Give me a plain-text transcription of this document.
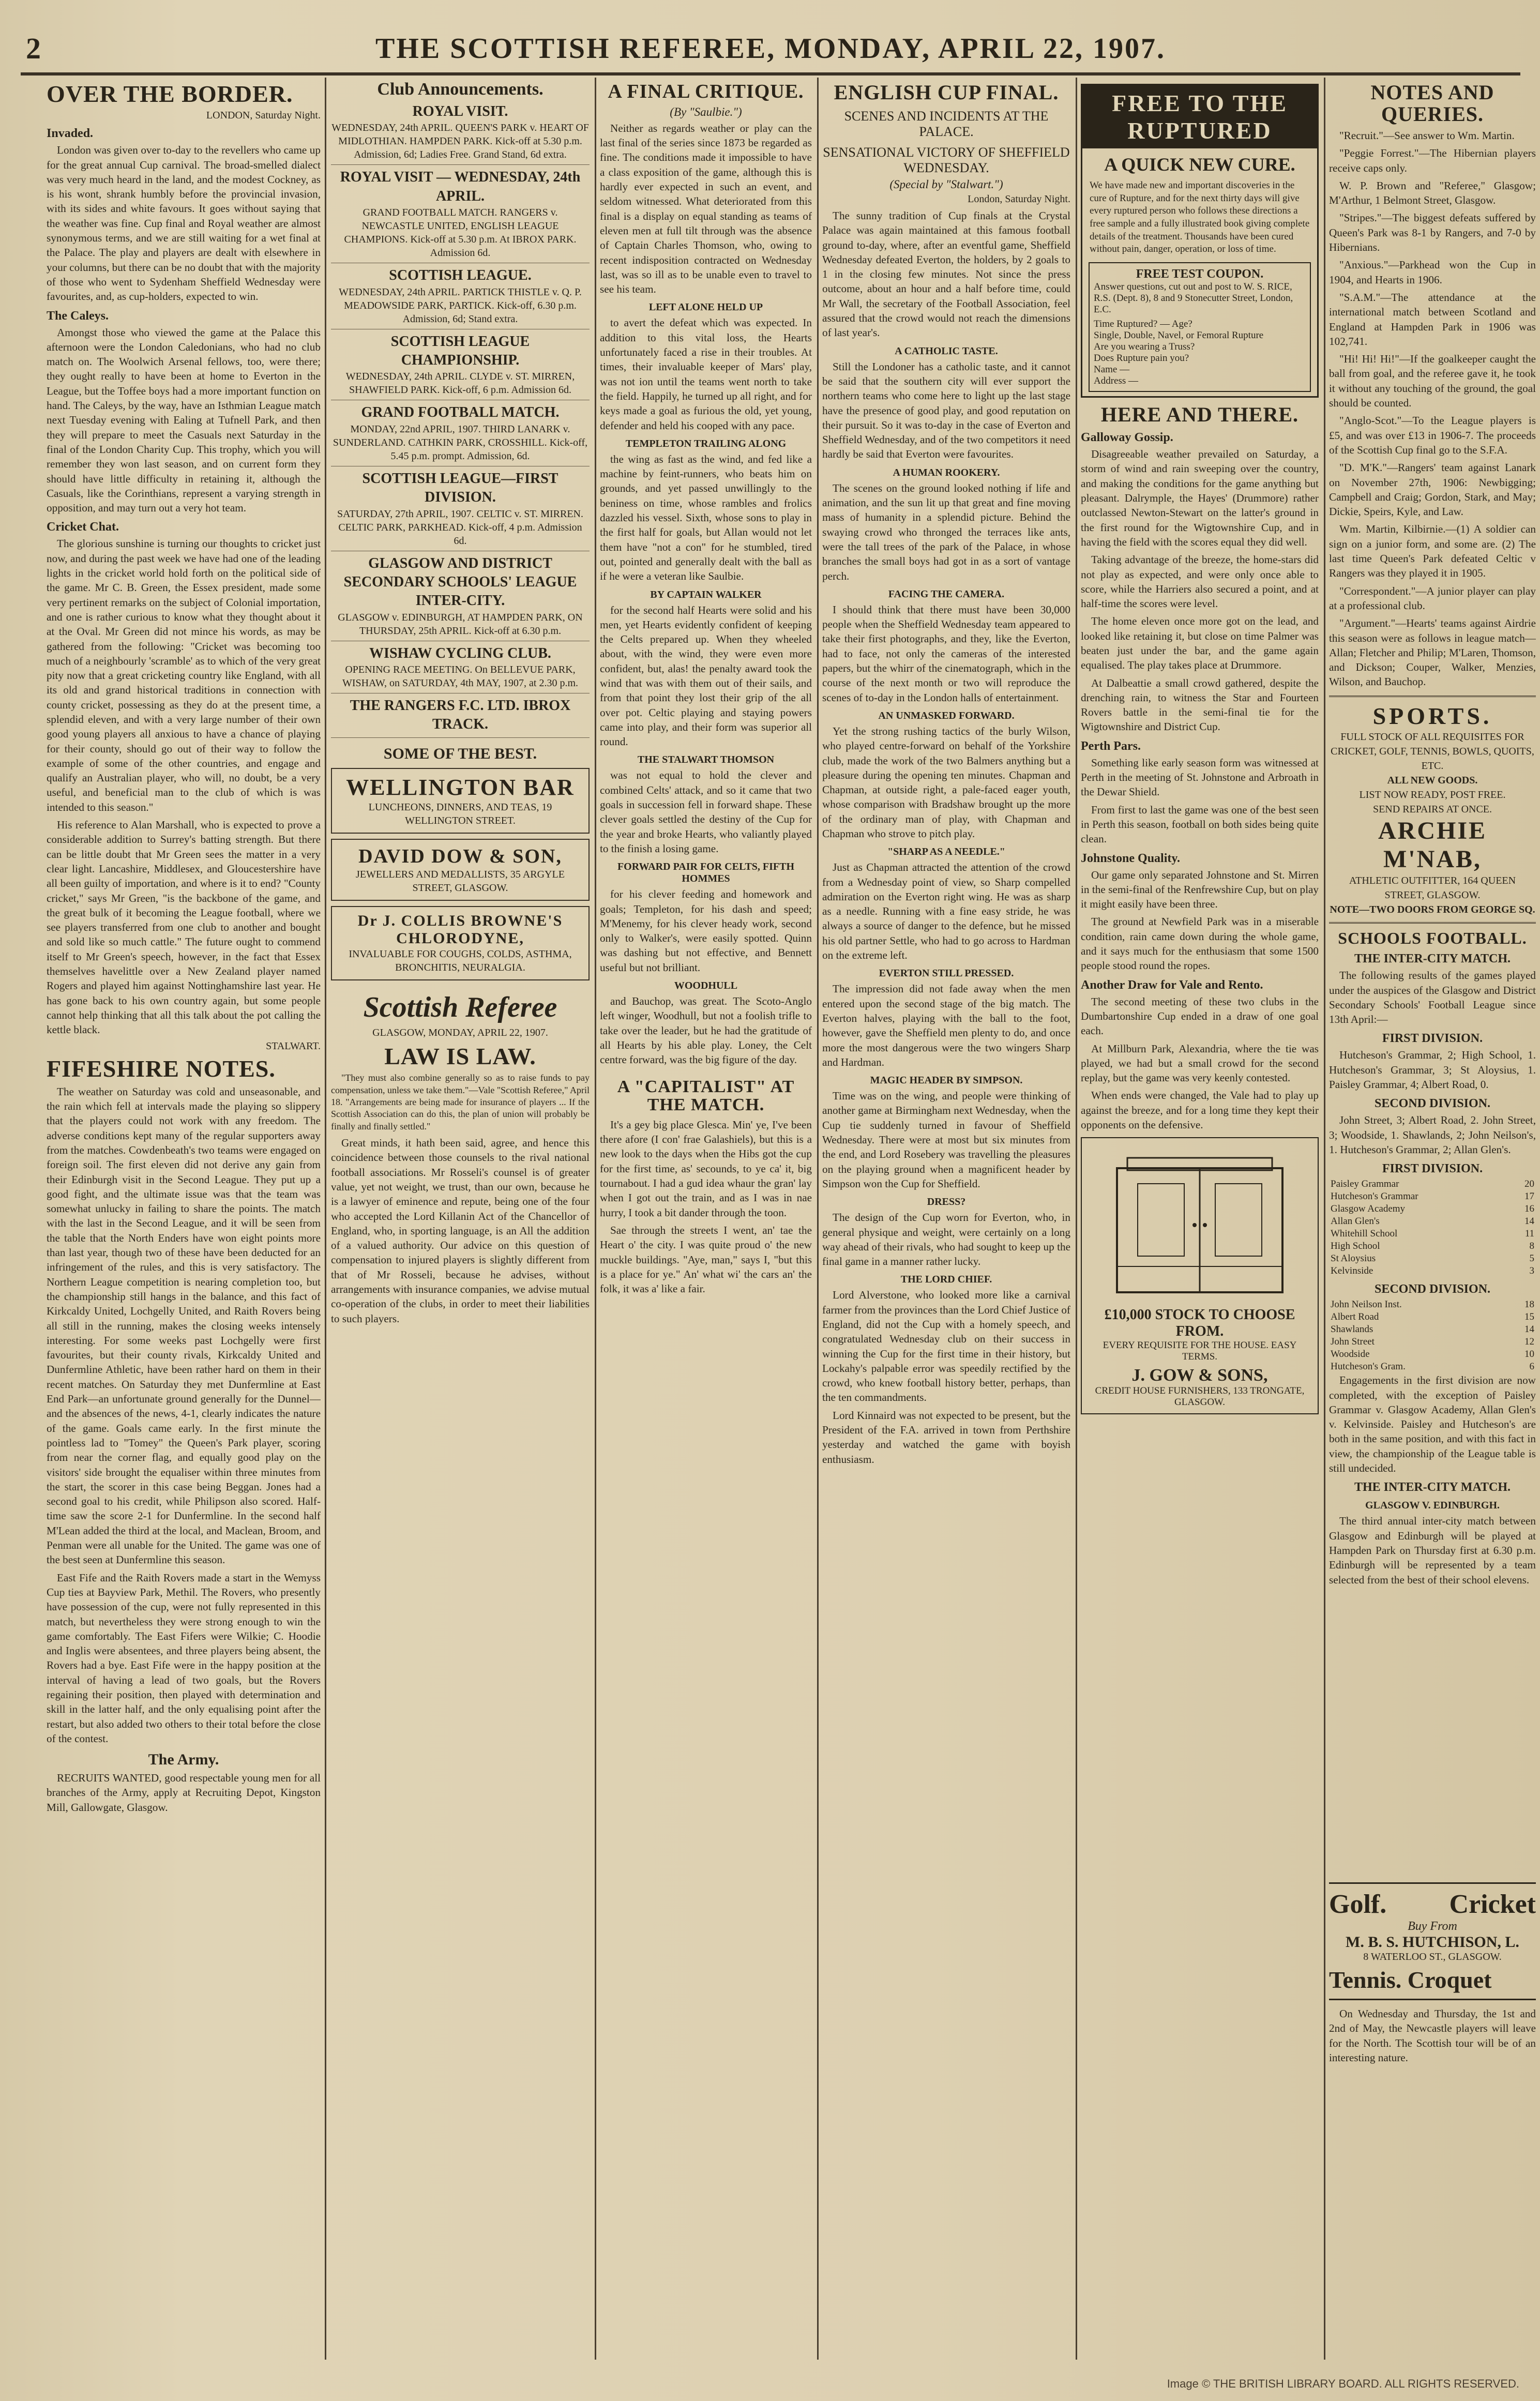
2	THE SCOTTISH REFEREE, MONDAY, APRIL 22, 1907.
OVER THE BORDER.
LONDON, Saturday Night.
Invaded.

London was given over to-day to the revellers who came up for the great annual Cup carnival. The broad-smelled dialect was very much heard in the land, and the modest Cockney, as is his wont, shrank humbly before the provincial invasion, with its sides and white favours. It goes without saying that the weather was fine. Cup final and Royal weather are almost synonymous terms, and we are still waiting for a wet final at the Palace. The play and players are dealt with elsewhere in your columns, but there can be no doubt that with the majority of those who went to Sydenham Sheffield Wednesday were favourites, and, as cup-holders, expected to win.

The Caleys.

Amongst those who viewed the game at the Palace this afternoon were the London Caledonians, who had no club match on. The Woolwich Arsenal fellows, too, were there; they ought really to have been at home to Everton in the League, but the Toffee boys had a more important function on hand. The Caleys, by the way, have an Isthmian League match next Tuesday evening with Ealing at Tufnell Park, and then they will prepare to meet the Casuals next Saturday in the final of the London Charity Cup. This trophy, which you will remember they won last season, and on current form they should have little difficulty in retaining it, although the Casuals, like the Corinthians, represent a varying strength in opposition, and may turn out a very hot team.

Cricket Chat.

The glorious sunshine is turning our thoughts to cricket just now, and during the past week we have had one of the leading lights in the cricket world hold forth on the political side of the game. Mr C. B. Green, the Essex president, made some very pertinent remarks on the subject of Colonial importation, and one is rather curious to know what they thought about it at the Oval. Mr Green did not mince his words, as may be gathered from the following: "Cricket was becoming too much of a neighbourly 'scramble' as to which of the very great pity now that a great cricketing country like England, with all its old and grand historical traditions in connection with county cricket, possessing as they do at the present time, a splendid eleven, and with a very large number of their own good young players all anxious to have a chance of playing for their county, should go out of their way to follow the example of some of the other countries, and engage and qualify an Australian player, who will, no doubt, be a very useful, and beneficial man to the club of which is was intended to this season."

His reference to Alan Marshall, who is expected to prove a considerable addition to Surrey's batting strength. But there can be little doubt that Mr Green sees the matter in a very clear light. Lancashire, Middlesex, and Gloucestershire have all been guilty of importation, and where is it to end? "County cricket," says Mr Green, "is the backbone of the game, and the great bulk of it becoming the League football, where we see players transferred from one club to another and bought and sold like so much cattle." The future ought to commend itself to Mr Green's speech, however, in the fact that Essex themselves havelittle over a New Zealand player named Rogers and played him against Nottinghamshire last year. He has gone back to his own country again, but some people cannot help thinking that all this talk about the pot calling the kettle black.

STALWART.
FIFESHIRE NOTES.

The weather on Saturday was cold and unseasonable, and the rain which fell at intervals made the playing so slippery that the players could not work with any freedom. The adverse conditions kept many of the regular supporters away from the matches. Cowdenbeath's two teams were engaged on foreign soil. The first eleven did not derive any gain from their Edinburgh visit in the Second League. They put up a good fight, and the ultimate issue was that the team was somewhat unlucky in failing to share the points. The match with the last in the Second League, and it will be seen from the table that the North Enders have won eight points more than last year, though two of these have been deducted for an infringement of the rules, and this is very satisfactory. The Northern League competition is nearing completion too, but the championship still hangs in the balance, and this fact of Kirkcaldy United, Lochgelly United, and Raith Rovers being all still in the running, makes the closing weeks intensely interesting. For some weeks past Lochgelly were first favourites, but their county rivals, Kirkcaldy United and Dunfermline Athletic, have been rather hard on them in their recent matches. On Saturday they met Dunfermline at East End Park—an unfortunate ground generally for the Dunnel—and the absences of the news, 4-1, clearly indicates the nature of the game. Goals came early. In the first minute the pointless lad to "Tomey" the Queen's Park player, scoring from near the corner flag, and equally good play on the visitors' side brought the equaliser within three minutes from the start, the scorer in this case being Beggan. Jones had a second goal to his credit, while Philipson also scored. Half-time saw the score 2-1 for Dunfermline. In the second half M'Lean added the third at the local, and Maclean, Broom, and Penman were all unable for the United. The game was one of the best seen at Dunfermline this season.

East Fife and the Raith Rovers made a start in the Wemyss Cup ties at Bayview Park, Methil. The Rovers, who presently have possession of the cup, were not fully represented in this match, but nevertheless they were strong enough to win the game comfortably. The East Fifers were Wilkie; C. Hoodie and Inglis were absentees, and three players being absent, the Rovers had a bye. East Fife were in the happy position at the interval of having a lead of two goals, but the Rovers regaining their position, then played with determination and skill in the latter half, and the only equalising point after the restart, but also added two others to their total before the close of the contest.

The Army.

RECRUITS WANTED, good respectable young men for all branches of the Army, apply at Recruiting Depot, Kingston Mill, Gallowgate, Glasgow.

Club Announcements.
ROYAL VISIT.
WEDNESDAY, 24th APRIL. QUEEN'S PARK v. HEART OF MIDLOTHIAN. HAMPDEN PARK. Kick-off at 5.30 p.m. Admission, 6d; Ladies Free. Grand Stand, 6d extra.
ROYAL VISIT — WEDNESDAY, 24th APRIL.
GRAND FOOTBALL MATCH. RANGERS v. NEWCASTLE UNITED, ENGLISH LEAGUE CHAMPIONS. Kick-off at 5.30 p.m. At IBROX PARK. Admission 6d.
SCOTTISH LEAGUE.
WEDNESDAY, 24th APRIL. PARTICK THISTLE v. Q. P. MEADOWSIDE PARK, PARTICK. Kick-off, 6.30 p.m. Admission, 6d; Stand extra.
SCOTTISH LEAGUE CHAMPIONSHIP.
WEDNESDAY, 24th APRIL. CLYDE v. ST. MIRREN, SHAWFIELD PARK. Kick-off, 6 p.m. Admission 6d.
GRAND FOOTBALL MATCH.
MONDAY, 22nd APRIL, 1907. THIRD LANARK v. SUNDERLAND. CATHKIN PARK, CROSSHILL. Kick-off, 5.45 p.m. prompt. Admission, 6d.
SCOTTISH LEAGUE—FIRST DIVISION.
SATURDAY, 27th APRIL, 1907. CELTIC v. ST. MIRREN. CELTIC PARK, PARKHEAD. Kick-off, 4 p.m. Admission 6d.
GLASGOW AND DISTRICT SECONDARY SCHOOLS' LEAGUE INTER-CITY.
GLASGOW v. EDINBURGH, AT HAMPDEN PARK, ON THURSDAY, 25th APRIL. Kick-off at 6.30 p.m.
WISHAW CYCLING CLUB.
OPENING RACE MEETING. On BELLEVUE PARK, WISHAW, on SATURDAY, 4th MAY, 1907, at 2.30 p.m.
THE RANGERS F.C. LTD. IBROX TRACK.
SOME OF THE BEST.
WELLINGTON BAR
LUNCHEONS, DINNERS, AND TEAS, 19 WELLINGTON STREET.
DAVID DOW & SON,
JEWELLERS AND MEDALLISTS, 35 ARGYLE STREET, GLASGOW.
Dr J. COLLIS BROWNE'S CHLORODYNE,
INVALUABLE FOR COUGHS, COLDS, ASTHMA, BRONCHITIS, NEURALGIA.
Scottish Referee
GLASGOW, MONDAY, APRIL 22, 1907.
LAW IS LAW.

"They must also combine generally so as to raise funds to pay compensation, unless we take them."—Vale "Scottish Referee," April 18. "Arrangements are being made for insurance of players ... If the Scottish Association can do this, the plan of union will probably be finally and finally settled."

Great minds, it hath been said, agree, and hence this coincidence between those counsels to the rival national football associations. Mr Rosseli's counsel is of greater value, yet not weight, we trust, than our own, because he is a lawyer of eminence and repute, being one of the four who accepted the Lord Killanin Act of the Chancellor of England, who, in sporting language, is an All the addition of a valued authority. Our advice on this question of compensation to injured players is slightly different from that of Mr Rosseli, because he advises, without arrangements with insurance companies, we advise mutual co-operation of the clubs, in order to meet their liabilities to such players.

A FINAL CRITIQUE.
(By "Saulbie.")

Neither as regards weather or play can the last final of the series since 1873 be regarded as fine. The conditions made it impossible to have a class exposition of the game, although this is hardly ever expected in such an event, and seldom witnessed. What deteriorated from this final is a display on equal standing as teams of eleven men at full tilt through was the absence of Captain Charles Thomson, who, owing to recent indisposition contracted on Wednesday last, was so ill as to be unable even to travel to see his team.

LEFT ALONE HELD UP

to avert the defeat which was expected. In addition to this vital loss, the Hearts unfortunately faced a rise in their troubles. At times, their invaluable keeper of Mars' play, was not ion until the teams went north to take the field. Happily, he turned up all right, and for keys made a goal as furious the old, yet young, defender and held his cooped with any pace.

TEMPLETON TRAILING ALONG

the wing as fast as the wind, and fed like a machine by feint-runners, who beats him on grounds, and yet passed unwillingly to the beniness on time, whose rambles and frolics dazzled his vessel. Sixth, whose sons to play in the first half for goals, but Allan would not let them have "not a con" for he stumbled, tired out, pointed and generally dealt with the ball as if he were a veteran like Saulbie.

BY CAPTAIN WALKER

for the second half Hearts were solid and his men, yet Hearts evidently confident of keeping the Celts prepared up. When they wheeled about, with the wind, they were even more confident, but, alas! the penalty award took the wind that was with them out of their sails, and from that point they lost their grip of the all over pot. Celtic playing and staying powers came into play, and their form was superior all round.

THE STALWART THOMSON

was not equal to hold the clever and combined Celts' attack, and so it came that two goals in succession fell in forward shape. These clever goals settled the destiny of the Cup for the year and broke Hearts, who valiantly played to the finish a losing game.

FORWARD PAIR FOR CELTS, FIFTH HOMMES

for his clever feeding and homework and goals; Templeton, for his dash and speed; M'Menemy, for his clever heady work, second only to Walker's, were easily spotted. Quinn was dashing but not effective, and Bennett useful but not brilliant.

WOODHULL

and Bauchop, was great. The Scoto-Anglo left winger, Woodhull, but not a foolish trifle to take over the leader, but he had the gratitude of all Hearts by his able play. Loney, the Celt centre forward, was the big figure of the day.

A "CAPITALIST" AT THE MATCH.

It's a gey big place Glesca. Min' ye, I've been there afore (I con' frae Galashiels), but this is a new look to the days when the Hibs got the cup for the first time, as' secounds, to ye ca' it, big tournabout. I had a gud idea whaur the gran' lay when I got out the train, and as I was in nae hurry, I took a bit dander through the toon.

Sae through the streets I went, an' tae the Heart o' the city. I was quite proud o' the new muckle buildings. "Aye, man," says I, "but this is a place for ye." An' what wi' the cars an' the folk, it was a' like a fair.

ENGLISH CUP FINAL.
SCENES AND INCIDENTS AT THE PALACE.
SENSATIONAL VICTORY OF SHEFFIELD WEDNESDAY.
(Special by "Stalwart.")
London, Saturday Night.

The sunny tradition of Cup finals at the Crystal Palace was again maintained at this famous football ground to-day, where, after an eventful game, Sheffield Wednesday defeated Everton, the holders, by 2 goals to 1 in the closing few minutes. Not since the press outcome, about an hour and a half before time, could Mr Wall, the secretary of the Football Association, feel assured that the crowd would not reach the dimensions of last year's.

A CATHOLIC TASTE.

Still the Londoner has a catholic taste, and it cannot be said that the southern city will ever support the northern teams who come here to light up the last stage have the presence of good play, and good reputation on their pursuit. So it was to-day in the case of Everton and Sheffield Wednesday, and of the two competitors it need hardly be said that Everton were favourites.

A HUMAN ROOKERY.

The scenes on the ground looked nothing if life and animation, and the sun lit up that great and fine moving mass of humanity in a splendid picture. Behind the swaying crowd who thronged the terraces like ants, were the tall trees of the park of the Palace, in whose branches the small boys had got in as a sort of vantage perch.

FACING THE CAMERA.

I should think that there must have been 30,000 people when the Sheffield Wednesday team appeared to take their first photographs, and they, like the Everton, had to face, not only the cameras of the interested papers, but the whirr of the cinematograph, which in the course of the next month or two will reproduce the scenes of to-day in the London halls of entertainment.

AN UNMASKED FORWARD.

Yet the strong rushing tactics of the burly Wilson, who played centre-forward on behalf of the Yorkshire club, made the work of the two Balmers anything but a pleasure during the opening ten minutes. Chapman and Chapman, at outside right, a pale-faced eager youth, whose comparison with Bradshaw brought up the more of the ordinary man of play, with Chapman and Chapman who strove to pitch play.

"SHARP AS A NEEDLE."

Just as Chapman attracted the attention of the crowd from a Wednesday point of view, so Sharp compelled admiration on the Everton right wing. He was as sharp as a needle. Running with a fine easy stride, he was always a source of danger to the defence, but he missed his old partner Settle, who had to go across to Hardman on the extreme left.

EVERTON STILL PRESSED.

The impression did not fade away when the men entered upon the second stage of the big match. The Everton halves, playing with the ball to the foot, however, gave the Sheffield men plenty to do, and once more the most dangerous were the two wingers Sharp and Hardman.

MAGIC HEADER BY SIMPSON.

Time was on the wing, and people were thinking of another game at Birmingham next Wednesday, when the Cup tie suddenly turned in favour of Sheffield Wednesday. There were at most but six minutes from the end, and Lord Rosebery was travelling the pleasures on the playing ground when a magnificent header by Simpson won the Cup for Sheffield.

DRESS?

The design of the Cup worn for Everton, who, in general physique and weight, were certainly on a long way ahead of their rivals, who had sought to keep up the final game in a manner rather lucky.

THE LORD CHIEF.

Lord Alverstone, who looked more like a carnival farmer from the provinces than the Lord Chief Justice of England, did not the Cup with a homely speech, and congratulated Wednesday club on their success in winning the Cup for the first time in their history, but Lockahy's palpable error was speedily rectified by the crowd, who knew football history better, perhaps, than the ten commandments.

Lord Kinnaird was not expected to be present, but the President of the F.A. arrived in town from Perthshire yesterday and watched the game with boyish enthusiasm.

FREE TO THE RUPTURED
A QUICK NEW CURE.
We have made new and important discoveries in the cure of Rupture, and for the next thirty days will give every ruptured person who follows these directions a free sample and a fully illustrated book giving complete details of the treatment. Thousands have been cured without pain, danger, operation, or loss of time.
FREE TEST COUPON.
Answer questions, cut out and post to W. S. RICE, R.S. (Dept. 8), 8 and 9 Stonecutter Street, London, E.C.
Time Ruptured? — Age?
Single, Double, Navel, or Femoral Rupture
Are you wearing a Truss?
Does Rupture pain you?
Name —
Address —
HERE AND THERE.
Galloway Gossip.

Disagreeable weather prevailed on Saturday, a storm of wind and rain sweeping over the country, and making the conditions for the game anything but pleasant. Dalrymple, the Hayes' (Drummore) rather outclassed Newton-Stewart on the latter's ground in the first round for the Wigtownshire Cup, and in having the field with the scores equal they did well.

Taking advantage of the breeze, the home-stars did not play as expected, and were only once able to score, while the Harriers also secured a point, and at half-time the scores were level.

The home eleven once more got on the lead, and looked like retaining it, but close on time Palmer was beaten just under the bar, and the game again equalised. The play takes place at Drummore.

At Dalbeattie a small crowd gathered, despite the drenching rain, to witness the Star and Fourteen Rovers battle in the semi-final tie for the Wigtownshire and District Cup.

Perth Pars.

Something like early season form was witnessed at Perth in the meeting of St. Johnstone and Arbroath in the Dewar Shield.

From first to last the game was one of the best seen in Perth this season, football on both sides being quite clean.

Johnstone Quality.

Our game only separated Johnstone and St. Mirren in the semi-final of the Renfrewshire Cup, but on play it might easily have been three.

The ground at Newfield Park was in a miserable condition, rain came down during the whole game, and it says much for the enthusiasm that some 1500 people stood round the ropes.

Another Draw for Vale and Rento.

The second meeting of these two clubs in the Dumbartonshire Cup ended in a draw of one goal each.

At Millburn Park, Alexandria, where the tie was played, we had but a small crowd for the second replay, but the game was very keenly contested.

When ends were changed, the Vale had to play up against the breeze, and for a long time they kept their opponents on the defensive.

£10,000 STOCK TO CHOOSE FROM.
EVERY REQUISITE FOR THE HOUSE. EASY TERMS.
J. GOW & SONS,
CREDIT HOUSE FURNISHERS, 133 TRONGATE, GLASGOW.
NOTES AND QUERIES.

"Recruit."—See answer to Wm. Martin.

"Peggie Forrest."—The Hibernian players receive caps only.

W. P. Brown and "Referee," Glasgow; M'Arthur, 1 Belmont Street, Glasgow.

"Stripes."—The biggest defeats suffered by Queen's Park was 8-1 by Rangers, and 7-0 by Hibernians.

"Anxious."—Parkhead won the Cup in 1904, and Hearts in 1906.

"S.A.M."—The attendance at the international match between Scotland and England at Hampden Park in 1906 was 102,741.

"Hi! Hi! Hi!"—If the goalkeeper caught the ball from goal, and the referee gave it, he took it without any touching of the ground, the goal should be counted.

"Anglo-Scot."—To the League players is £5, and was over £13 in 1906-7. The proceeds of the Scottish Cup final go to the S.F.A.

"D. M'K."—Rangers' team against Lanark on November 27th, 1906: Newbigging; Campbell and Craig; Gordon, Stark, and May; Dickie, Speirs, Kyle, and Law.

Wm. Martin, Kilbirnie.—(1) A soldier can sign on a junior form, and some are. (2) The last time Queen's Park defeated Celtic v Rangers was they played it in 1905.

"Correspondent."—A junior player can play at a professional club.

"Argument."—Hearts' teams against Airdrie this season were as follows in league match—Allan; Fletcher and Philip; M'Laren, Thomson, and Dickson; Couper, Walker, Menzies, Wilson, and Bauchop.

SPORTS.
FULL STOCK OF ALL REQUISITES FOR CRICKET, GOLF, TENNIS, BOWLS, QUOITS, ETC.
ALL NEW GOODS.
LIST NOW READY, POST FREE.
SEND REPAIRS AT ONCE.
ARCHIE M'NAB,
ATHLETIC OUTFITTER, 164 QUEEN STREET, GLASGOW.
NOTE—TWO DOORS FROM GEORGE SQ.
SCHOOLS FOOTBALL.
THE INTER-CITY MATCH.

The following results of the games played under the auspices of the Glasgow and District Secondary Schools' Football League since 13th April:—

FIRST DIVISION.

Hutcheson's Grammar, 2; High School, 1. Hutcheson's Grammar, 3; St Aloysius, 1. Paisley Grammar, 4; Albert Road, 0.

SECOND DIVISION.

John Street, 3; Albert Road, 2. John Street, 3; Woodside, 1. Shawlands, 2; John Neilson's, 1. Hutcheson's Grammar, 2; Allan Glen's.

FIRST DIVISION.
Paisley Grammar	20
Hutcheson's Grammar	17
Glasgow Academy	16
Allan Glen's	14
Whitehill School	11
High School	8
St Aloysius	5
Kelvinside	3
SECOND DIVISION.
John Neilson Inst.	18
Albert Road	15
Shawlands	14
John Street	12
Woodside	10
Hutcheson's Gram.	6

Engagements in the first division are now completed, with the exception of Paisley Grammar v. Glasgow Academy, Allan Glen's v. Kelvinside. Paisley and Hutcheson's are both in the same position, and with this fact in view, the championship of the League table is still undecided.

THE INTER-CITY MATCH.
GLASGOW V. EDINBURGH.

The third annual inter-city match between Glasgow and Edinburgh will be played at Hampden Park on Thursday first at 6.30 p.m. Edinburgh will be represented by a team selected from the best of their school elevens.

Golf. Cricket
Buy From
M. B. S. HUTCHISON, L.
8 WATERLOO ST., GLASGOW.
Tennis. Croquet

On Wednesday and Thursday, the 1st and 2nd of May, the Newcastle players will leave for the North. The Scottish tour will be of an interesting nature.

Image © THE BRITISH LIBRARY BOARD. ALL RIGHTS RESERVED.
